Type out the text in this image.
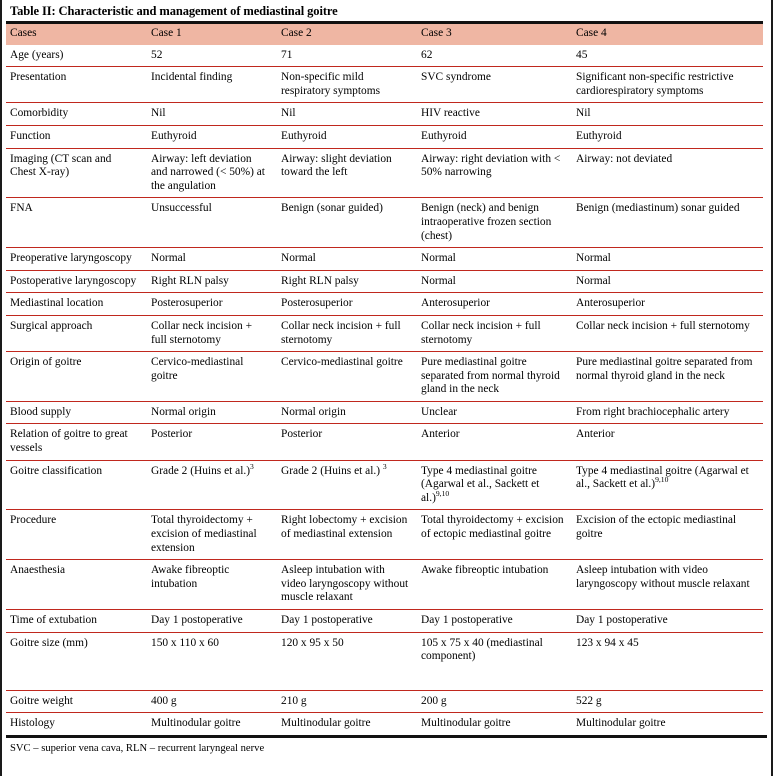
Table II: Characteristic and management of mediastinal goitre
Cases	Case 1	Case 2	Case 3	Case 4
Age (years)	52	71	62	45
Presentation	Incidental finding	Non-specific mild respiratory symptoms	SVC syndrome	Significant non-specific restrictive cardiorespiratory symptoms
Comorbidity	Nil	Nil	HIV reactive	Nil
Function	Euthyroid	Euthyroid	Euthyroid	Euthyroid
Imaging (CT scan and Chest X-ray)	Airway: left deviation and narrowed (< 50%) at the angulation	Airway: slight deviation toward the left	Airway: right deviation with < 50% narrowing	Airway: not deviated
FNA	Unsuccessful	Benign (sonar guided)	Benign (neck) and benign intraoperative frozen section (chest)	Benign (mediastinum) sonar guided
Preoperative laryngoscopy	Normal	Normal	Normal	Normal
Postoperative laryngoscopy	Right RLN palsy	Right RLN palsy	Normal	Normal
Mediastinal location	Posterosuperior	Posterosuperior	Anterosuperior	Anterosuperior
Surgical approach	Collar neck incision + full sternotomy	Collar neck incision + full sternotomy	Collar neck incision + full sternotomy	Collar neck incision + full sternotomy
Origin of goitre	Cervico-mediastinal goitre	Cervico-mediastinal goitre	Pure mediastinal goitre separated from normal thyroid gland in the neck	Pure mediastinal goitre separated from normal thyroid gland in the neck
Blood supply	Normal origin	Normal origin	Unclear	From right brachiocephalic artery
Relation of goitre to great vessels	Posterior	Posterior	Anterior	Anterior
Goitre classification	Grade 2 (Huins et al.)$^3$	Grade 2 (Huins et al.) $^3$	Type 4 mediastinal goitre (Agarwal et al., Sackett et al.)$^{9,10}$	Type 4 mediastinal goitre (Agarwal et al., Sackett et al.)$^{9,10}$
Procedure	Total thyroidectomy + excision of mediastinal extension	Right lobectomy + excision of mediastinal extension	Total thyroidectomy + excision of ectopic mediastinal goitre	Excision of the ectopic mediastinal goitre
Anaesthesia	Awake fibreoptic intubation	Asleep intubation with video laryngoscopy without muscle relaxant	Awake fibreoptic intubation	Asleep intubation with video laryngoscopy without muscle relaxant
Time of extubation	Day 1 postoperative	Day 1 postoperative	Day 1 postoperative	Day 1 postoperative
Goitre size (mm)	150 x 110 x 60	120 x 95 x 50	105 x 75 x 40 (mediastinal component)	123 x 94 x 45
Goitre weight	400 g	210 g	200 g	522 g
Histology	Multinodular goitre	Multinodular goitre	Multinodular goitre	Multinodular goitre
SVC – superior vena cava, RLN – recurrent laryngeal nerve
